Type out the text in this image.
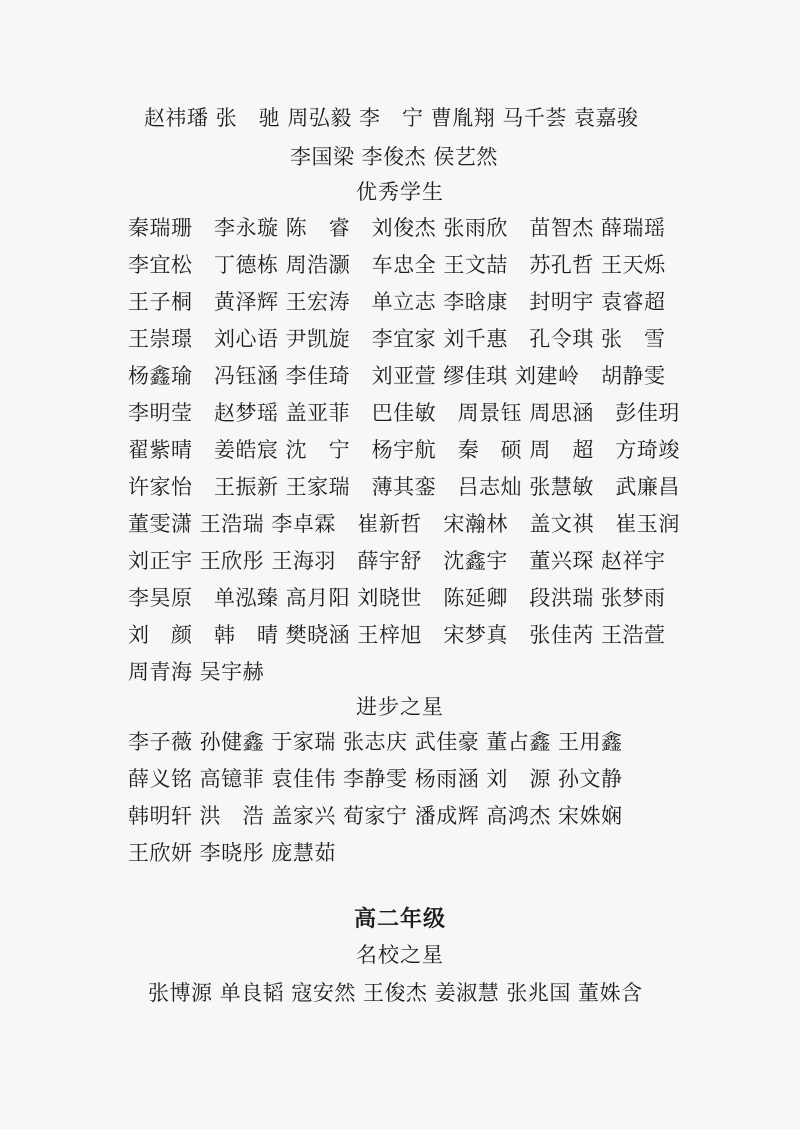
赵祎璠 张　驰 周弘毅 李　宁 曹胤翔 马千荟 袁嘉骏
李国梁 李俊杰 侯艺然
优秀学生
秦瑞珊　李永璇 陈　睿　刘俊杰 张雨欣　苗智杰 薛瑞瑶
李宜松　丁德栋 周浩灏　车忠全 王文喆　苏孔哲 王天烁
王子桐　黄泽辉 王宏涛　单立志 李晗康　封明宇 袁睿超
王崇璟　刘心语 尹凯旋　李宜家 刘千惠　孔令琪 张　雪
杨鑫瑜　冯钰涵 李佳琦　刘亚萱 缪佳琪 刘建岭　胡静雯
李明莹　赵梦瑶 盖亚菲　巴佳敏　周景钰 周思涵　彭佳玥
翟紫晴　姜皓宸 沈　宁　杨宇航　秦　硕 周　超　方琦竣
许家怡　王振新 王家瑞　薄其銮　吕志灿 张慧敏　武廉昌
董雯潇 王浩瑞 李卓霖　崔新哲　宋瀚林　盖文祺　崔玉润
刘正宇 王欣彤 王海羽　薛宇舒　沈鑫宇　董兴琛 赵祥宇
李昊原　单泓臻 高月阳 刘晓世　陈延卿　段洪瑞 张梦雨
刘　颜　韩　晴 樊晓涵 王梓旭　宋梦真　张佳芮 王浩萱
周青海 吴宇赫
进步之星
李子薇 孙健鑫 于家瑞 张志庆 武佳豪 董占鑫 王用鑫
薛义铭 高镱菲 袁佳伟 李静雯 杨雨涵 刘　源 孙文静
韩明轩 洪　浩 盖家兴 荀家宁 潘成辉 高鸿杰 宋姝娴
王欣妍 李晓彤 庞慧茹
高二年级
名校之星
张博源 单良韬 寇安然 王俊杰 姜淑慧 张兆国 董姝含
